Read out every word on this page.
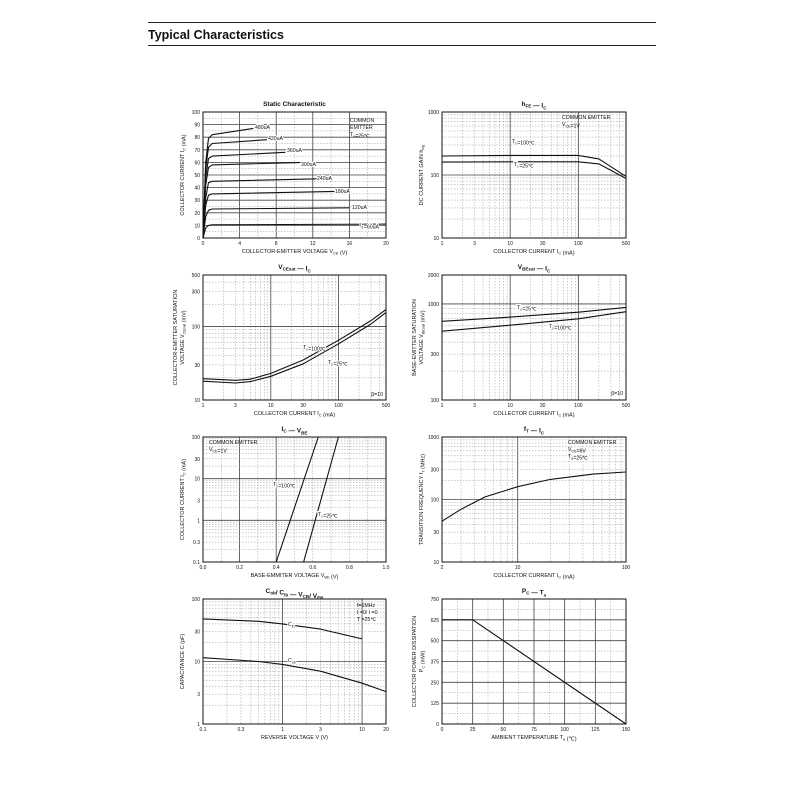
Typical Characteristics
0	4	8	12	16	20
0
10
20
30
40
50
60
70
80
90
100
Static Characteristic
COLLECTOR-EMITTER VOLTAGE $V_{CE}$ (V)
COLLECTOR CURRENT $I_C$ (mA)
480uA
420uA
360uA
300uA
240uA
180uA
120uA
$I_B=60uA$
COMMON
EMITTER
$T_a=25℃$
1	3	10	30	100	500
10
100
1000
$h_{FE}$ — $I_C$
COLLECTOR CURRENT $I_C$ (mA)
DC CURRENT GAIN $h_{FE}$
$T_a=100℃$
$T_a=25℃$
COMMON EMITTER
$V_{CE}=1V$
1	3	10	30	100	500
10
30
100
300
500
$V_{CEsat}$ — $I_C$
COLLECTOR CURRENT $I_C$ (mA)
COLLECTOR-EMITTER SATURATION VOLTAGE $V_{CEsat}$ (mV)
$T_a=100℃$
$T_a=25℃$
β=10
1	3	10	30	100	500
100
300
1000
2000
$V_{BEsat}$ — $I_C$
COLLECTOR CURRENT $I_C$ (mA)
BASE-EMITTER SATURATION VOLTAGE $V_{BEsat}$ (mV)
$T_a=25℃$
$T_a=100℃$
β=10
0.0	0.2	0.4	0.6	0.8	1.0
0.1
0.3
1
3
10
30
100
$I_C$ — $V_{BE}$
BASE-EMMITER VOLTAGE $V_{BE}$ (V)
COLLECTOR CURRENT $I_C$ (mA)
$T_a=100℃$
$T_a=25℃$
COMMON EMITTER
$V_{CE}=1V$
2	10	100
10
30
100
300
1000
$f_T$ — $I_C$
COLLECTOR CURRENT $I_C$ (mA)
TRANSITION FREQUENCY $f_T$ (MHz)
COMMON EMITTER
$V_{CE}=6V$
$T_a=25℃$
0.1	0.3	1	3	10	20
1
3
10
30
100
$C_{ob}/$ $C_{ib}$ — $V_{CB}/$ $V_{EB}$
REVERSE VOLTAGE V (V)
CAPACITANCE C (pF)
$C_{ib}$
$C_{ob}$
f=1MHz
I =0/ I =0
T =25℃
0	25	50	75	100	125	150
0
125
250
375
500
625
750
$P_C$ — $T_a$
AMBIENT TEMPERATURE $T_a$ (℃)
COLLECTOR POWER DISSIPATION $P_C$ (mW)
